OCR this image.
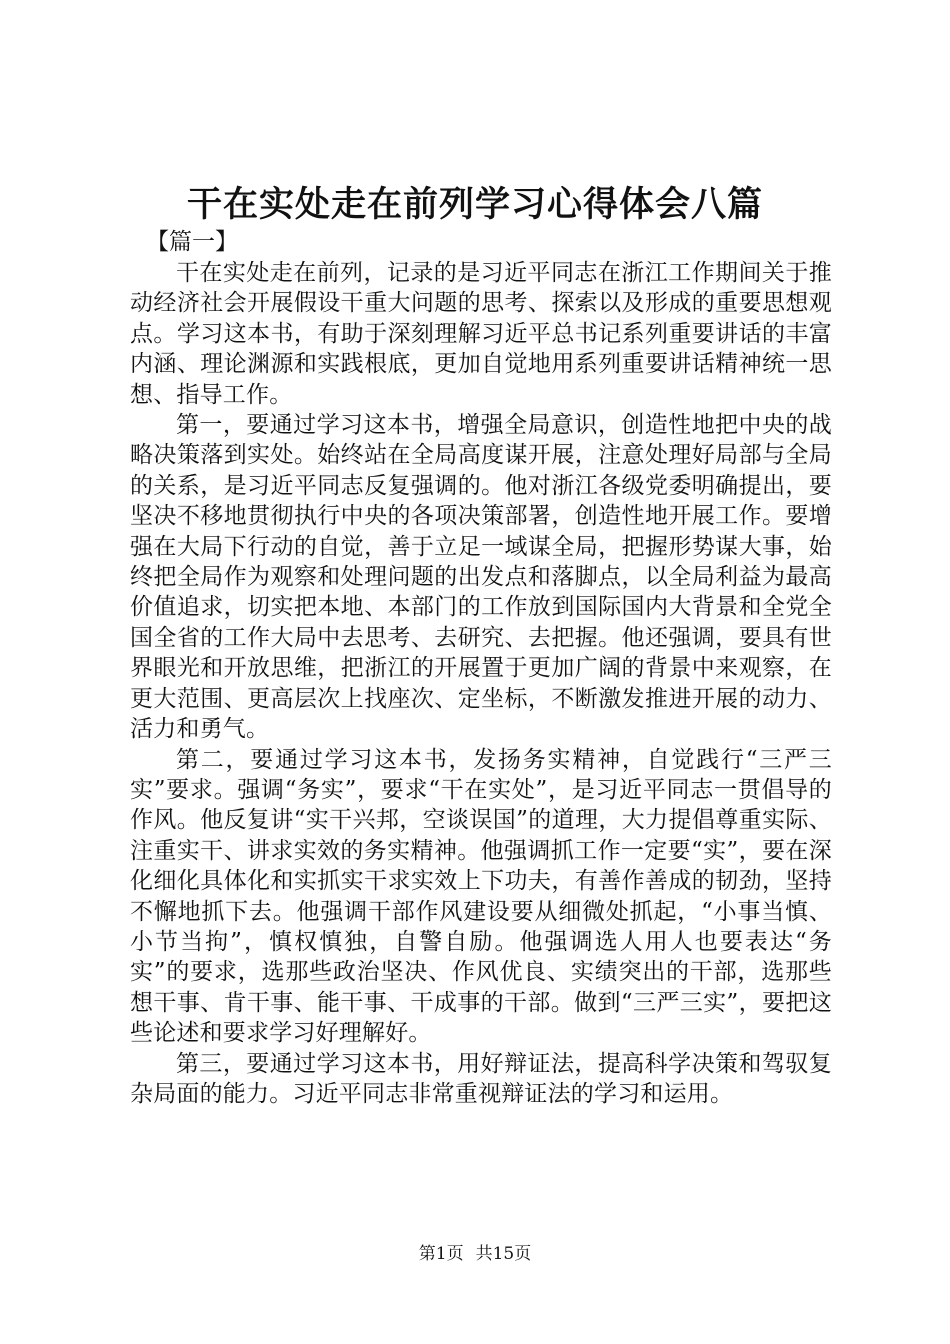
干在实处走在前列学习心得体会八篇

【篇一】

干在实处走在前列，记录的是习近平同志在浙江工作期间关于推动经济社会开展假设干重大问题的思考、探索以及形成的重要思想观点。学习这本书，有助于深刻理解习近平总书记系列重要讲话的丰富内涵、理论渊源和实践根底，更加自觉地用系列重要讲话精神统一思想、指导工作。

第一，要通过学习这本书，增强全局意识，创造性地把中央的战略决策落到实处。始终站在全局高度谋开展，注意处理好局部与全局的关系，是习近平同志反复强调的。他对浙江各级党委明确提出，要坚决不移地贯彻执行中央的各项决策部署，创造性地开展工作。要增强在大局下行动的自觉，善于立足一域谋全局，把握形势谋大事，始终把全局作为观察和处理问题的出发点和落脚点，以全局利益为最高价值追求，切实把本地、本部门的工作放到国际国内大背景和全党全国全省的工作大局中去思考、去研究、去把握。他还强调，要具有世界眼光和开放思维，把浙江的开展置于更加广阔的背景中来观察，在更大范围、更高层次上找座次、定坐标，不断激发推进开展的动力、活力和勇气。

第二，要通过学习这本书，发扬务实精神，自觉践行“三严三实”要求。强调“务实”，要求“干在实处”，是习近平同志一贯倡导的作风。他反复讲“实干兴邦，空谈误国”的道理，大力提倡尊重实际、注重实干、讲求实效的务实精神。他强调抓工作一定要“实”，要在深化细化具体化和实抓实干求实效上下功夫，有善作善成的韧劲，坚持不懈地抓下去。他强调干部作风建设要从细微处抓起，“小事当慎、小节当拘”，慎权慎独，自警自励。他强调选人用人也要表达“务实”的要求，选那些政治坚决、作风优良、实绩突出的干部，选那些想干事、肯干事、能干事、干成事的干部。做到“三严三实”，要把这些论述和要求学习好理解好。

第三，要通过学习这本书，用好辩证法，提高科学决策和驾驭复杂局面的能力。习近平同志非常重视辩证法的学习和运用。

第1页 共15页
